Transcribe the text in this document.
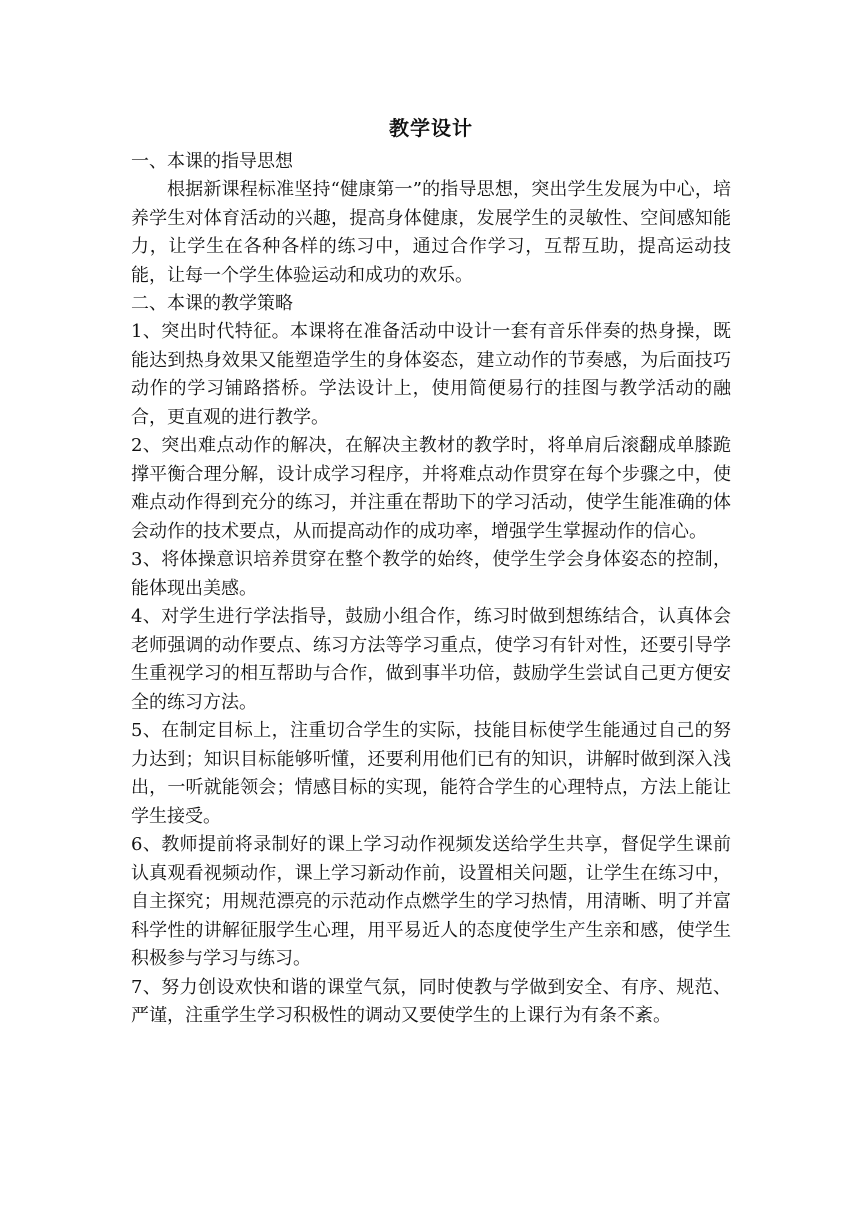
教学设计

一、本课的指导思想

根据新课程标准坚持“健康第一”的指导思想，突出学生发展为中心，培养学生对体育活动的兴趣，提高身体健康，发展学生的灵敏性、空间感知能力，让学生在各种各样的练习中，通过合作学习，互帮互助，提高运动技能，让每一个学生体验运动和成功的欢乐。

二、本课的教学策略

1、突出时代特征。本课将在准备活动中设计一套有音乐伴奏的热身操，既能达到热身效果又能塑造学生的身体姿态，建立动作的节奏感，为后面技巧动作的学习铺路搭桥。学法设计上，使用简便易行的挂图与教学活动的融合，更直观的进行教学。

2、突出难点动作的解决，在解决主教材的教学时，将单肩后滚翻成单膝跪撑平衡合理分解，设计成学习程序，并将难点动作贯穿在每个步骤之中，使难点动作得到充分的练习，并注重在帮助下的学习活动，使学生能准确的体会动作的技术要点，从而提高动作的成功率，增强学生掌握动作的信心。

3、将体操意识培养贯穿在整个教学的始终，使学生学会身体姿态的控制，能体现出美感。

4、对学生进行学法指导，鼓励小组合作，练习时做到想练结合，认真体会老师强调的动作要点、练习方法等学习重点，使学习有针对性，还要引导学生重视学习的相互帮助与合作，做到事半功倍，鼓励学生尝试自己更方便安全的练习方法。

5、在制定目标上，注重切合学生的实际，技能目标使学生能通过自己的努力达到；知识目标能够听懂，还要利用他们已有的知识，讲解时做到深入浅出，一听就能领会；情感目标的实现，能符合学生的心理特点，方法上能让学生接受。

6、教师提前将录制好的课上学习动作视频发送给学生共享，督促学生课前认真观看视频动作，课上学习新动作前，设置相关问题，让学生在练习中，自主探究；用规范漂亮的示范动作点燃学生的学习热情，用清晰、明了并富科学性的讲解征服学生心理，用平易近人的态度使学生产生亲和感，使学生积极参与学习与练习。

7、努力创设欢快和谐的课堂气氛，同时使教与学做到安全、有序、规范、严谨，注重学生学习积极性的调动又要使学生的上课行为有条不紊。
